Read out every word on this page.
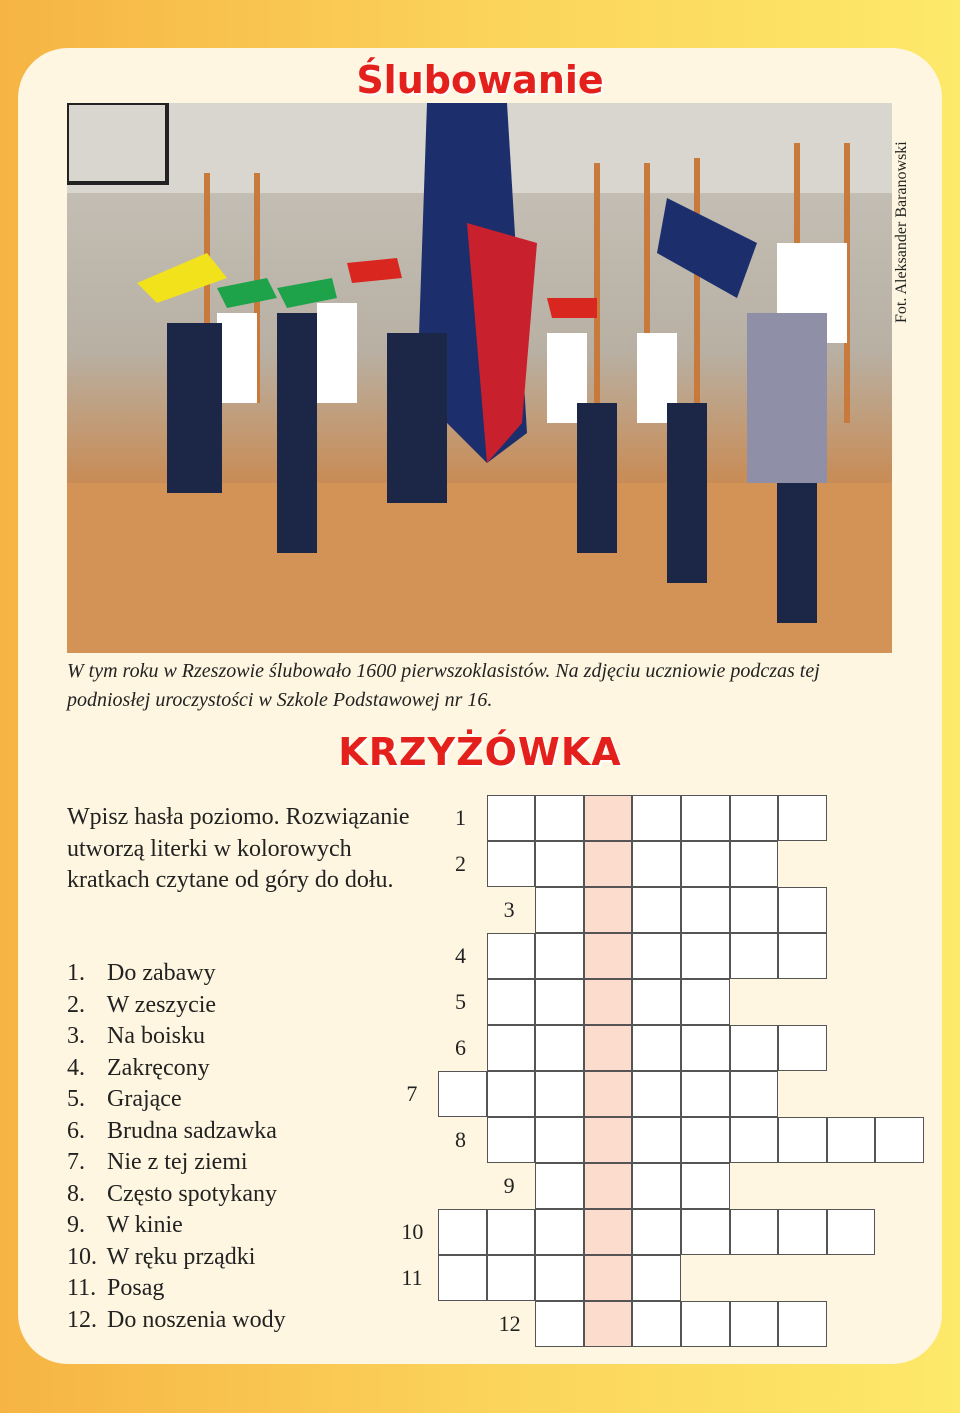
Ślubowanie
Fot. Aleksander Baranowski
W tym roku w Rzeszowie ślubowało 1600 pierwszoklasistów. Na zdjęciu uczniowie podczas tej podniosłej uroczystości w Szkole Podstawowej nr 16.
KRZYŻÓWKA
Wpisz hasła poziomo. Rozwiązanie utworzą literki w kolorowych kratkach czytane od góry do dołu.
1. Do zabawy
2. W zeszycie
3. Na boisku
4. Zakręcony
5. Grające
6. Brudna sadzawka
7. Nie z tej ziemi
8. Często spotykany
9. W kinie
10. W ręku prządki
11. Posag
12. Do noszenia wody
1
2
3
4
5
6
7
8
9
10
11
12
